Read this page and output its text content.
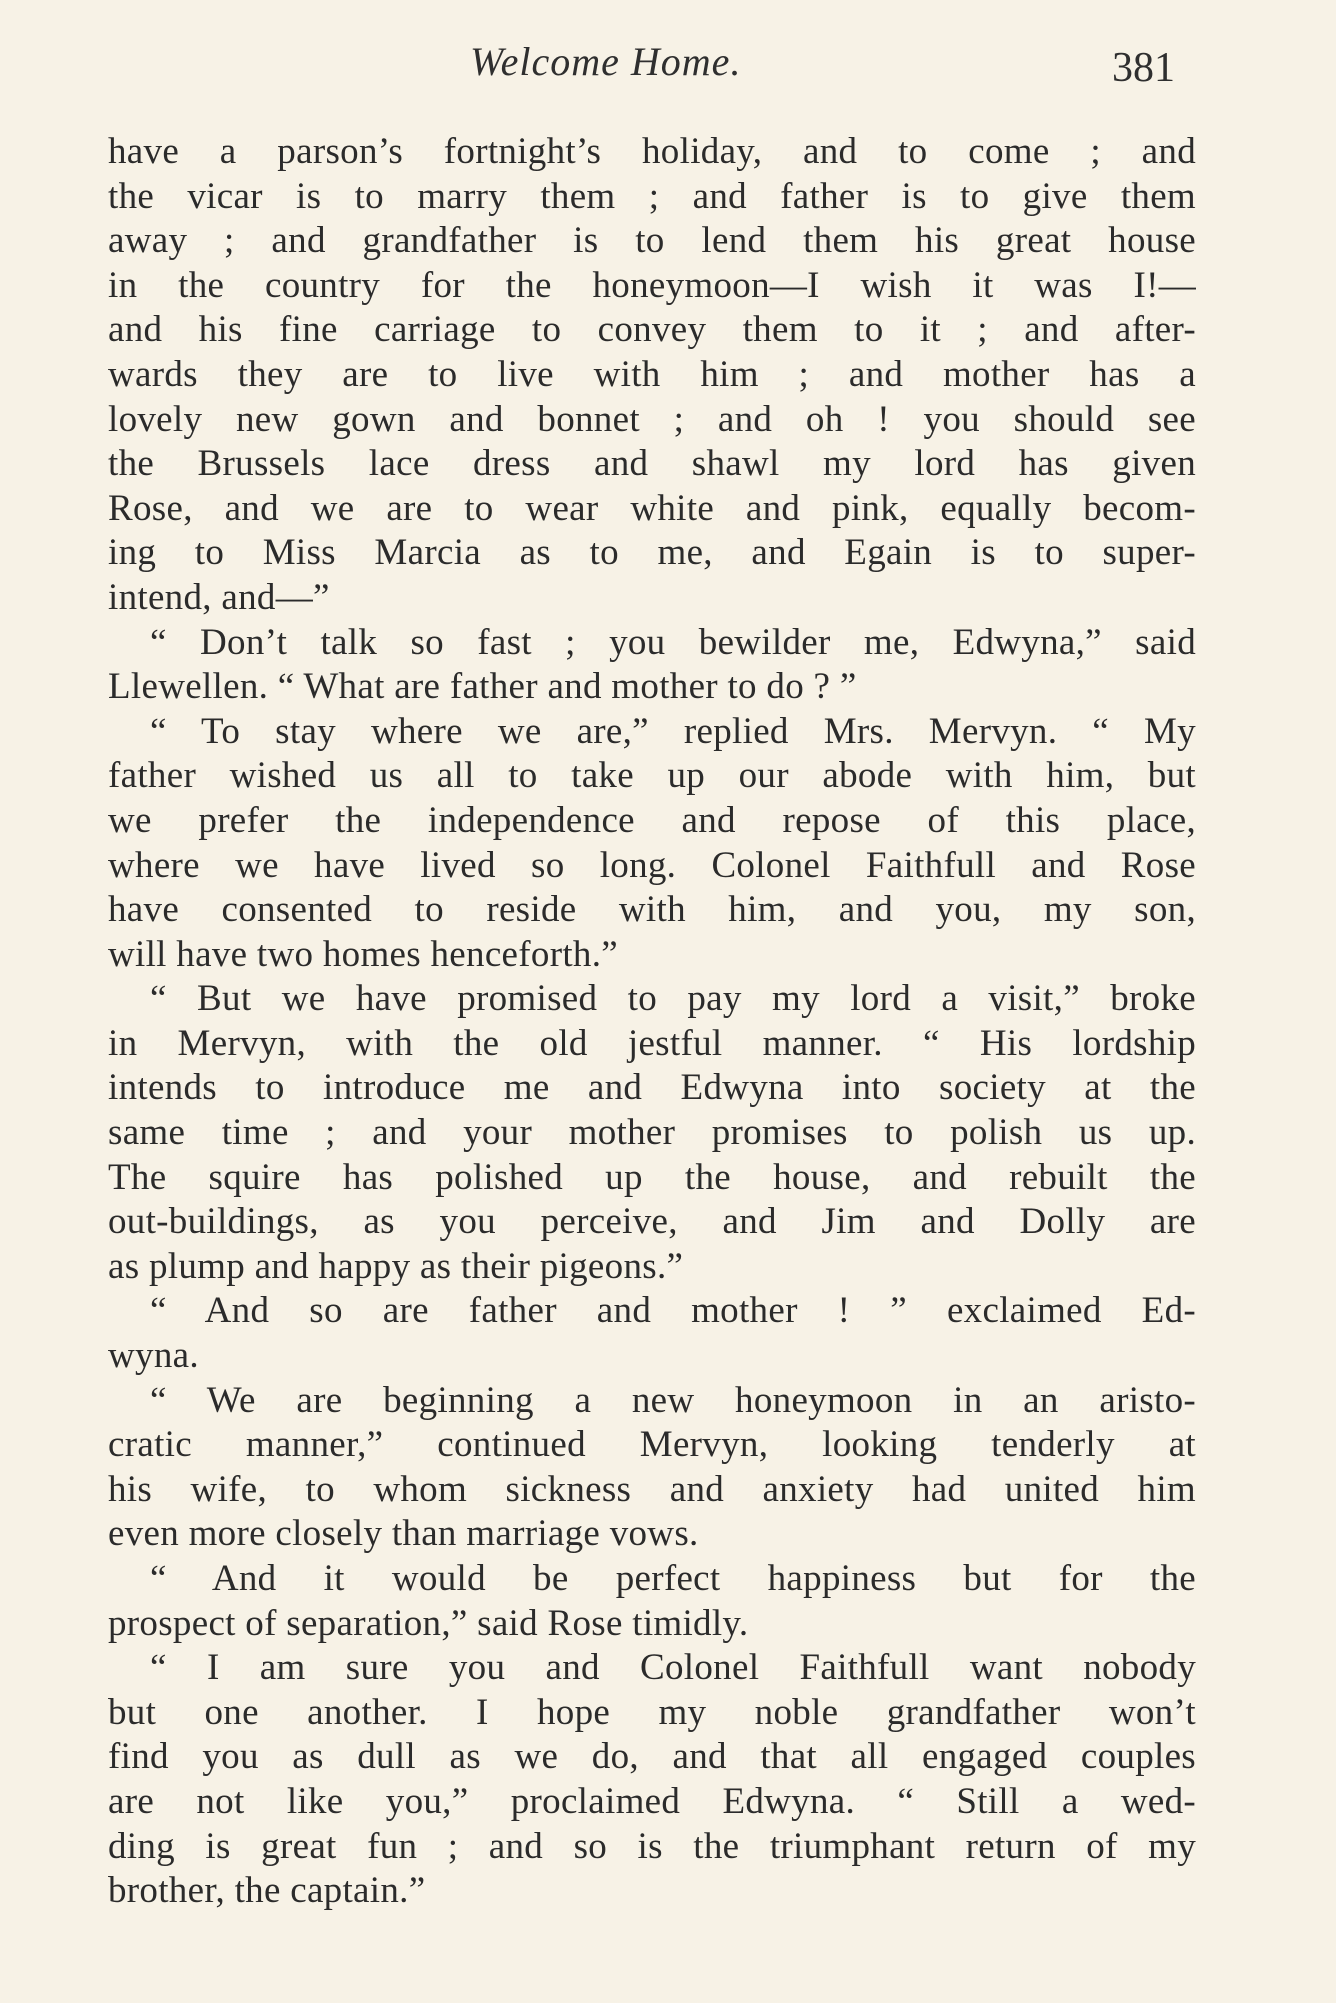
Welcome Home.	381
have a parson’s fortnight’s holiday, and to come ; and
the vicar is to marry them ; and father is to give them
away ; and grandfather is to lend them his great house
in the country for the honeymoon—I wish it was I!—
and his fine carriage to convey them to it ; and after-
wards they are to live with him ; and mother has a
lovely new gown and bonnet ; and oh ! you should see
the Brussels lace dress and shawl my lord has given
Rose, and we are to wear white and pink, equally becom-
ing to Miss Marcia as to me, and Egain is to super-
intend, and—”
“ Don’t talk so fast ; you bewilder me, Edwyna,” said
Llewellen. “ What are father and mother to do ? ”
“ To stay where we are,” replied Mrs. Mervyn. “ My
father wished us all to take up our abode with him, but
we prefer the independence and repose of this place,
where we have lived so long. Colonel Faithfull and Rose
have consented to reside with him, and you, my son,
will have two homes henceforth.”
“ But we have promised to pay my lord a visit,” broke
in Mervyn, with the old jestful manner. “ His lordship
intends to introduce me and Edwyna into society at the
same time ; and your mother promises to polish us up.
The squire has polished up the house, and rebuilt the
out-buildings, as you perceive, and Jim and Dolly are
as plump and happy as their pigeons.”
“ And so are father and mother ! ” exclaimed Ed-
wyna.
“ We are beginning a new honeymoon in an aristo-
cratic manner,” continued Mervyn, looking tenderly at
his wife, to whom sickness and anxiety had united him
even more closely than marriage vows.
“ And it would be perfect happiness but for the
prospect of separation,” said Rose timidly.
“ I am sure you and Colonel Faithfull want nobody
but one another. I hope my noble grandfather won’t
find you as dull as we do, and that all engaged couples
are not like you,” proclaimed Edwyna. “ Still a wed-
ding is great fun ; and so is the triumphant return of my
brother, the captain.”
